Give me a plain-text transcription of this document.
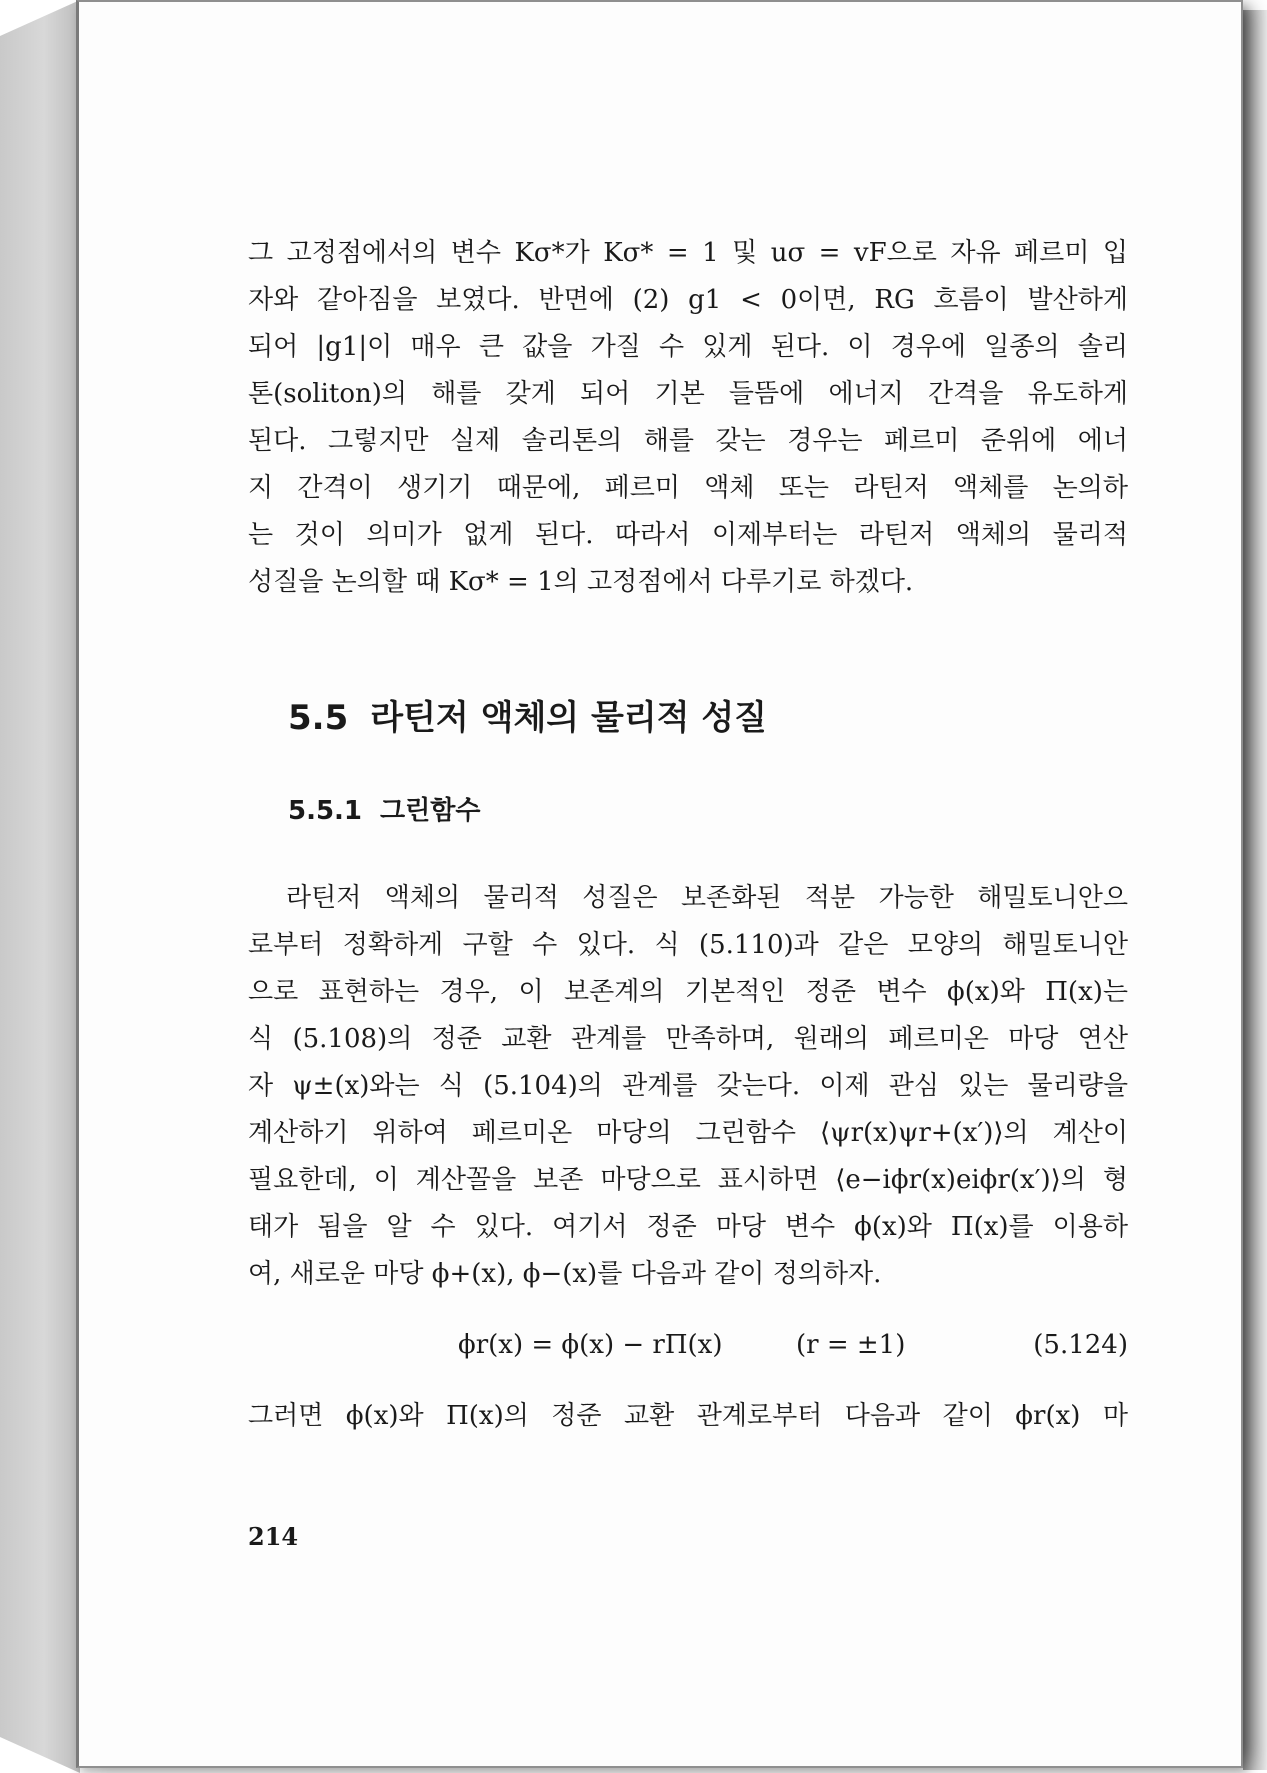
그 고정점에서의 변수 Kσ*가 Kσ* = 1 및 uσ = vF으로 자유 페르미 입
자와 같아짐을 보였다. 반면에 (2) g1 < 0이면, RG 흐름이 발산하게
되어 |g1|이 매우 큰 값을 가질 수 있게 된다. 이 경우에 일종의 솔리
톤(soliton)의 해를 갖게 되어 기본 들뜸에 에너지 간격을 유도하게
된다. 그렇지만 실제 솔리톤의 해를 갖는 경우는 페르미 준위에 에너
지 간격이 생기기 때문에, 페르미 액체 또는 라틴저 액체를 논의하
는 것이 의미가 없게 된다. 따라서 이제부터는 라틴저 액체의 물리적
성질을 논의할 때 Kσ* = 1의 고정점에서 다루기로 하겠다.
5.5 라틴저 액체의 물리적 성질
5.5.1 그린함수
라틴저 액체의 물리적 성질은 보존화된 적분 가능한 해밀토니안으
로부터 정확하게 구할 수 있다. 식 (5.110)과 같은 모양의 해밀토니안
으로 표현하는 경우, 이 보존계의 기본적인 정준 변수 ϕ(x)와 Π(x)는
식 (5.108)의 정준 교환 관계를 만족하며, 원래의 페르미온 마당 연산
자 ψ±(x)와는 식 (5.104)의 관계를 갖는다. 이제 관심 있는 물리량을
계산하기 위하여 페르미온 마당의 그린함수 ⟨ψr(x)ψr+(x′)⟩의 계산이
필요한데, 이 계산꼴을 보존 마당으로 표시하면 ⟨e−iϕr(x)eiϕr(x′)⟩의 형
태가 됨을 알 수 있다. 여기서 정준 마당 변수 ϕ(x)와 Π(x)를 이용하
여, 새로운 마당 ϕ+(x), ϕ−(x)를 다음과 같이 정의하자.
ϕr(x) = ϕ(x) − rΠ(x)	(r = ±1)	(5.124)
그러면 ϕ(x)와 Π(x)의 정준 교환 관계로부터 다음과 같이 ϕr(x) 마
214
